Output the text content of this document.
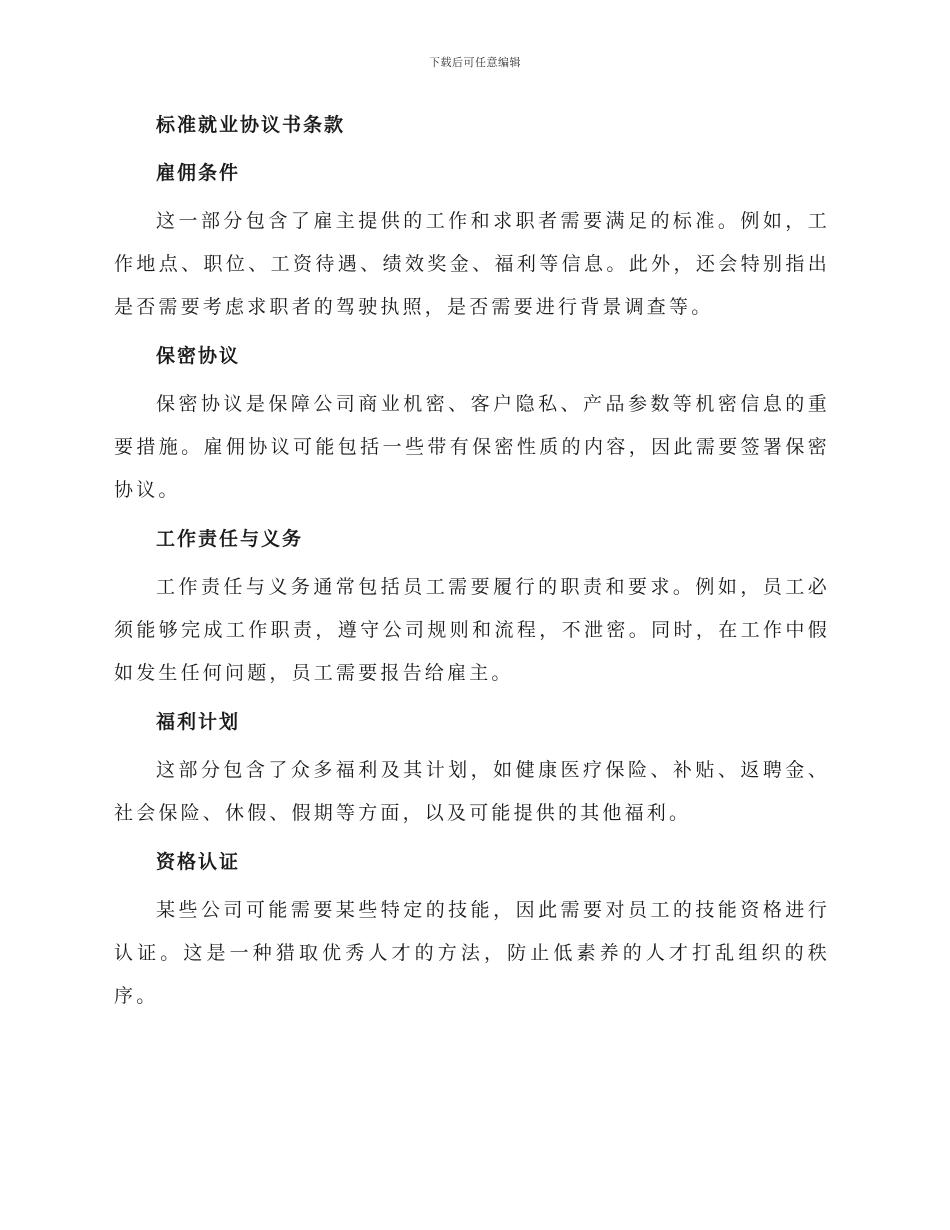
下载后可任意编辑
标准就业协议书条款
雇佣条件

这一部分包含了雇主提供的工作和求职者需要满足的标准。例如，工作地点、职位、工资待遇、绩效奖金、福利等信息。此外，还会特别指出是否需要考虑求职者的驾驶执照，是否需要进行背景调查等。

保密协议

保密协议是保障公司商业机密、客户隐私、产品参数等机密信息的重要措施。雇佣协议可能包括一些带有保密性质的内容，因此需要签署保密协议。

工作责任与义务

工作责任与义务通常包括员工需要履行的职责和要求。例如，员工必须能够完成工作职责，遵守公司规则和流程，不泄密。同时，在工作中假如发生任何问题，员工需要报告给雇主。

福利计划

这部分包含了众多福利及其计划，如健康医疗保险、补贴、返聘金、社会保险、休假、假期等方面，以及可能提供的其他福利。

资格认证

某些公司可能需要某些特定的技能，因此需要对员工的技能资格进行认证。这是一种猎取优秀人才的方法，防止低素养的人才打乱组织的秩序。
